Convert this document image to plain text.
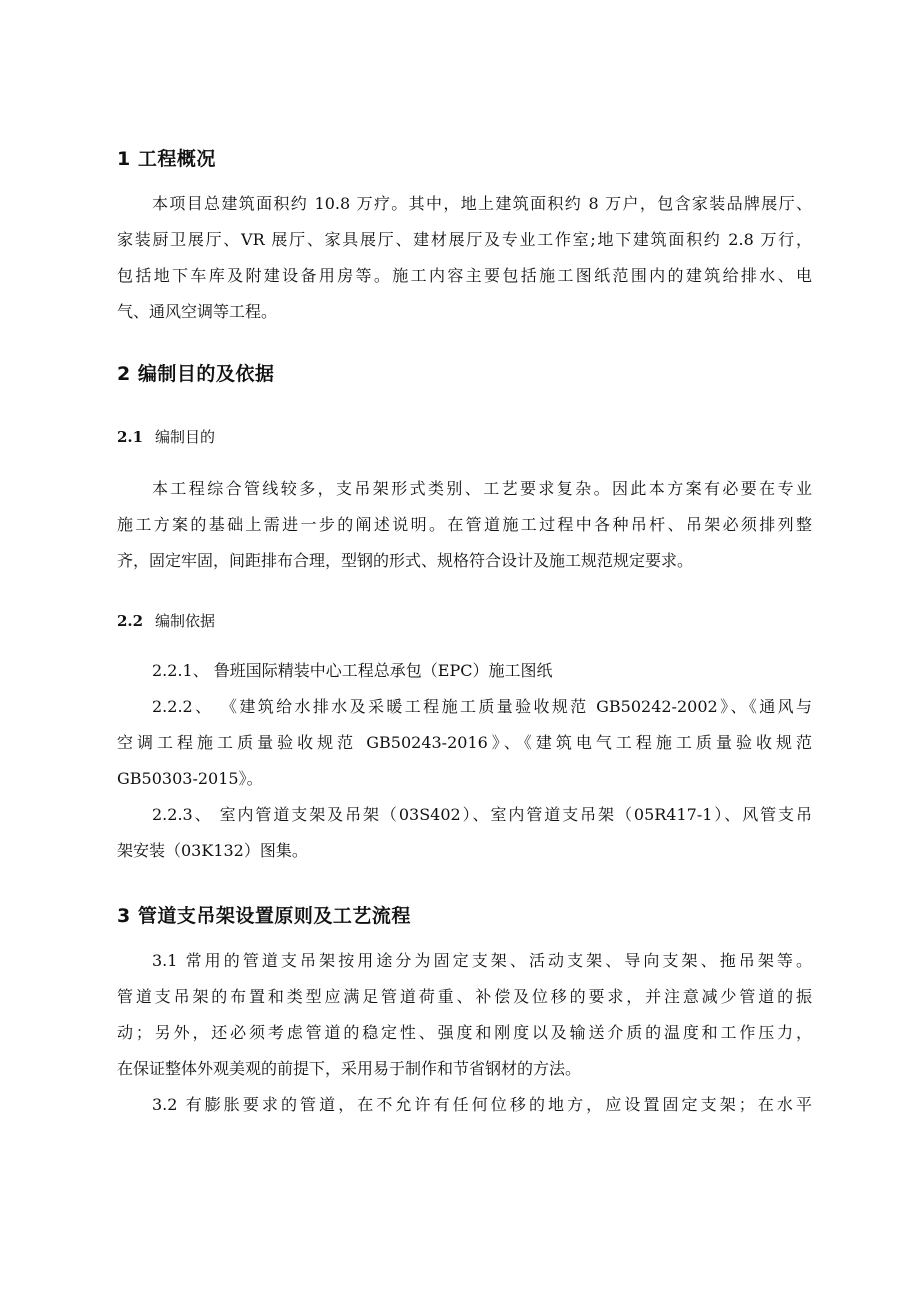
1 工程概况
本项目总建筑面积约 10.8 万疗。其中，地上建筑面积约 8 万户，包含家装品牌展厅、
家装厨卫展厅、VR 展厅、家具展厅、建材展厅及专业工作室;地下建筑面积约 2.8 万行，
包括地下车库及附建设备用房等。施工内容主要包括施工图纸范围内的建筑给排水、电
气、通风空调等工程。
2 编制目的及依据
2.1 编制目的
本工程综合管线较多，支吊架形式类别、工艺要求复杂。因此本方案有必要在专业
施工方案的基础上需进一步的阐述说明。在管道施工过程中各种吊杆、吊架必须排列整
齐，固定牢固，间距排布合理，型钢的形式、规格符合设计及施工规范规定要求。
2.2 编制依据
2.2.1、 鲁班国际精装中心工程总承包（EPC）施工图纸
2.2.2、 《建筑给水排水及采暖工程施工质量验收规范 GB50242-2002》、《通风与
空调工程施工质量验收规范 GB50243-2016》、《建筑电气工程施工质量验收规范
GB50303-2015》。
2.2.3、 室内管道支架及吊架（03S402）、室内管道支吊架（05R417-1）、风管支吊
架安装（03K132）图集。
3 管道支吊架设置原则及工艺流程
3.1 常用的管道支吊架按用途分为固定支架、活动支架、导向支架、拖吊架等。
管道支吊架的布置和类型应满足管道荷重、补偿及位移的要求，并注意减少管道的振
动；另外，还必须考虑管道的稳定性、强度和刚度以及输送介质的温度和工作压力，
在保证整体外观美观的前提下，采用易于制作和节省钢材的方法。
3.2 有膨胀要求的管道，在不允许有任何位移的地方，应设置固定支架；在水平
